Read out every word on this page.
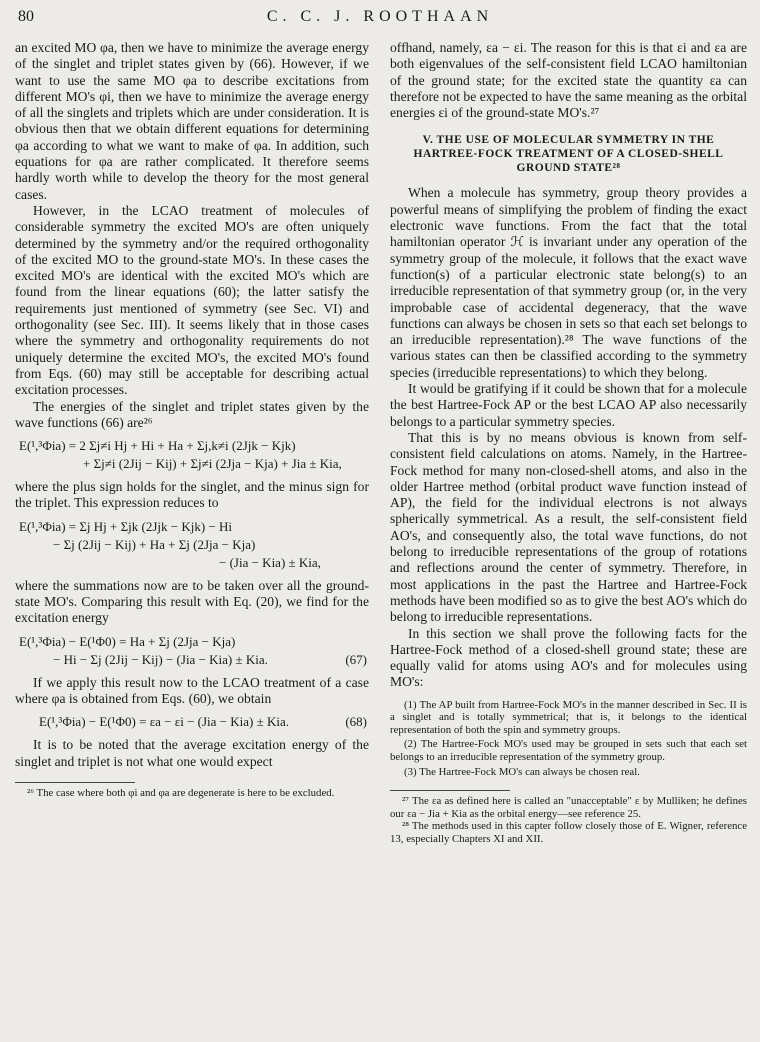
80	C. C. J. ROOTHAAN

an excited MO φa, then we have to minimize the average energy of the singlet and triplet states given by (66). However, if we want to use the same MO φa to describe excitations from different MO's φi, then we have to minimize the average energy of all the singlets and triplets which are under consideration. It is obvious then that we obtain different equations for determining φa according to what we want to make of φa. In addition, such equations for φa are rather complicated. It therefore seems hardly worth while to develop the theory for the most general cases.

However, in the LCAO treatment of molecules of considerable symmetry the excited MO's are often uniquely determined by the symmetry and/or the required orthogonality of the excited MO to the ground-state MO's. In these cases the excited MO's are identical with the excited MO's which are found from the linear equations (60); the latter satisfy the requirements just mentioned of symmetry (see Sec. VI) and orthogonality (see Sec. III). It seems likely that in those cases where the symmetry and orthogonality requirements do not uniquely determine the excited MO's, the excited MO's found from Eqs. (60) may still be acceptable for describing actual excitation processes.

The energies of the singlet and triplet states given by the wave functions (66) are²⁶

E(¹,³Φia) = 2 Σj≠i Hj + Hi + Ha + Σj,k≠i (2Jjk − Kjk)
+ Σj≠i (2Jij − Kij) + Σj≠i (2Jja − Kja) + Jia ± Kia,

where the plus sign holds for the singlet, and the minus sign for the triplet. This expression reduces to

E(¹,³Φia) = Σj Hj + Σjk (2Jjk − Kjk) − Hi
− Σj (2Jij − Kij) + Ha + Σj (2Jja − Kja)
− (Jia − Kia) ± Kia,

where the summations now are to be taken over all the ground-state MO's. Comparing this result with Eq. (20), we find for the excitation energy

E(¹,³Φia) − E(¹Φ0) = Ha + Σj (2Jja − Kja)
− Hi − Σj (2Jij − Kij) − (Jia − Kia) ± Kia.	(67)

If we apply this result now to the LCAO treatment of a case where φa is obtained from Eqs. (60), we obtain

E(¹,³Φia) − E(¹Φ0) = εa − εi − (Jia − Kia) ± Kia.	(68)

It is to be noted that the average excitation energy of the singlet and triplet is not what one would expect

²⁶ The case where both φi and φa are degenerate is here to be excluded.

offhand, namely, εa − εi. The reason for this is that εi and εa are both eigenvalues of the self-consistent field LCAO hamiltonian of the ground state; for the excited state the quantity εa can therefore not be expected to have the same meaning as the orbital energies εi of the ground-state MO's.²⁷

V. THE USE OF MOLECULAR SYMMETRY IN THE HARTREE-FOCK TREATMENT OF A CLOSED-SHELL GROUND STATE²⁸

When a molecule has symmetry, group theory provides a powerful means of simplifying the problem of finding the exact electronic wave functions. From the fact that the total hamiltonian operator ℋ is invariant under any operation of the symmetry group of the molecule, it follows that the exact wave function(s) of a particular electronic state belong(s) to an irreducible representation of that symmetry group (or, in the very improbable case of accidental degeneracy, that the wave functions can always be chosen in sets so that each set belongs to an irreducible representation).²⁸ The wave functions of the various states can then be classified according to the symmetry species (irreducible representations) to which they belong.

It would be gratifying if it could be shown that for a molecule the best Hartree-Fock AP or the best LCAO AP also necessarily belongs to a particular symmetry species.

That this is by no means obvious is known from self-consistent field calculations on atoms. Namely, in the Hartree-Fock method for many non-closed-shell atoms, and also in the older Hartree method (orbital product wave function instead of AP), the field for the individual electrons is not always spherically symmetrical. As a result, the self-consistent field AO's, and consequently also, the total wave functions, do not belong to irreducible representations of the group of rotations and reflections around the center of symmetry. Therefore, in most applications in the past the Hartree and Hartree-Fock methods have been modified so as to give the best AO's which do belong to irreducible representations.

In this section we shall prove the following facts for the Hartree-Fock method of a closed-shell ground state; these are equally valid for atoms using AO's and for molecules using MO's:

(1) The AP built from Hartree-Fock MO's in the manner described in Sec. II is a singlet and is totally symmetrical; that is, it belongs to the identical representation of both the spin and symmetry groups.

(2) The Hartree-Fock MO's used may be grouped in sets such that each set belongs to an irreducible representation of the symmetry group.

(3) The Hartree-Fock MO's can always be chosen real.

²⁷ The εa as defined here is called an "unacceptable" ε by Mulliken; he defines our εa − Jia + Kia as the orbital energy—see reference 25.

²⁸ The methods used in this capter follow closely those of E. Wigner, reference 13, especially Chapters XI and XII.
